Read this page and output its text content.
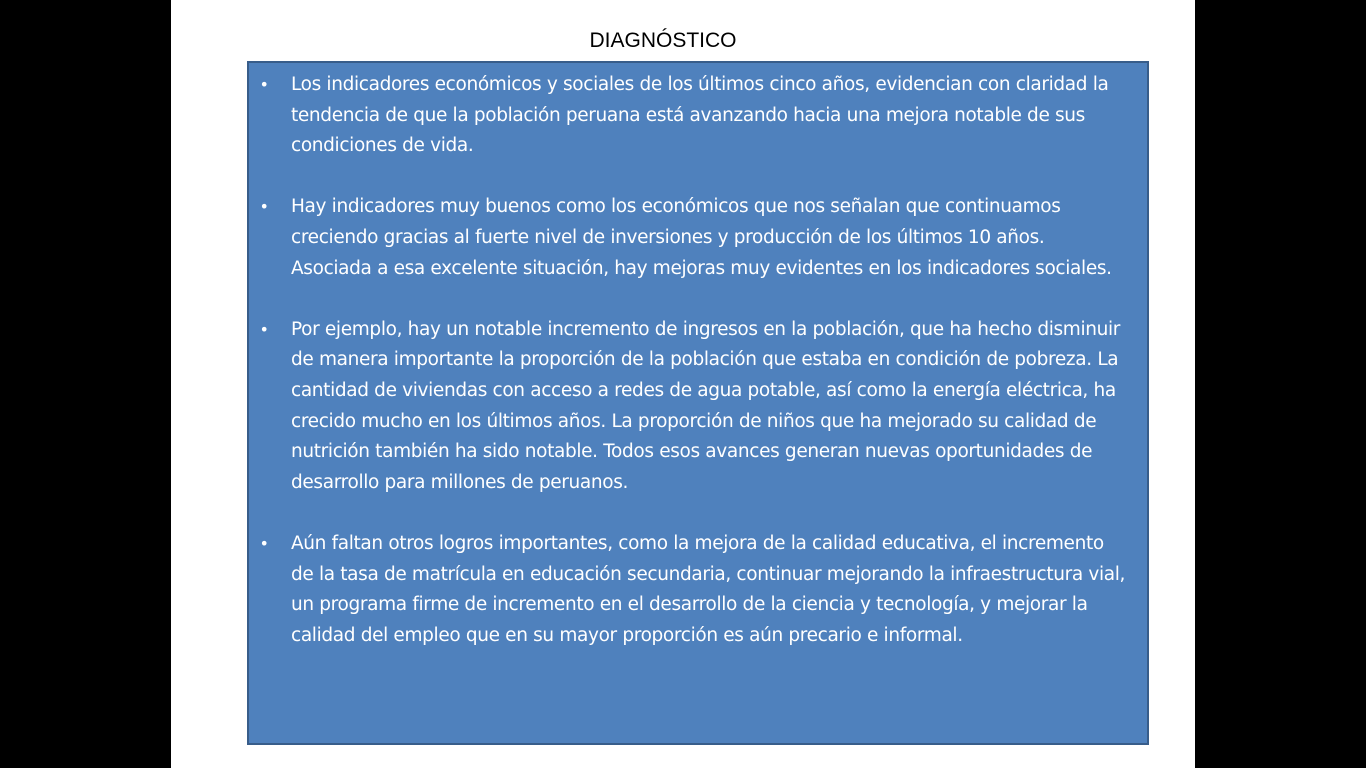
DIAGNÓSTICO
• Los indicadores económicos y sociales de los últimos cinco años, evidencian con claridad la tendencia de que la población peruana está avanzando hacia una mejora notable de sus condiciones de vida.
• Hay indicadores muy buenos como los económicos que nos señalan que continuamos creciendo gracias al fuerte nivel de inversiones y producción de los últimos 10 años. Asociada a esa excelente situación, hay mejoras muy evidentes en los indicadores sociales.
• Por ejemplo, hay un notable incremento de ingresos en la población, que ha hecho disminuir de manera importante la proporción de la población que estaba en condición de pobreza. La cantidad de viviendas con acceso a redes de agua potable, así como la energía eléctrica, ha crecido mucho en los últimos años. La proporción de niños que ha mejorado su calidad de nutrición también ha sido notable. Todos esos avances generan nuevas oportunidades de desarrollo para millones de peruanos.
• Aún faltan otros logros importantes, como la mejora de la calidad educativa, el incremento de la tasa de matrícula en educación secundaria, continuar mejorando la infraestructura vial, un programa firme de incremento en el desarrollo de la ciencia y tecnología, y mejorar la calidad del empleo que en su mayor proporción es aún precario e informal.
